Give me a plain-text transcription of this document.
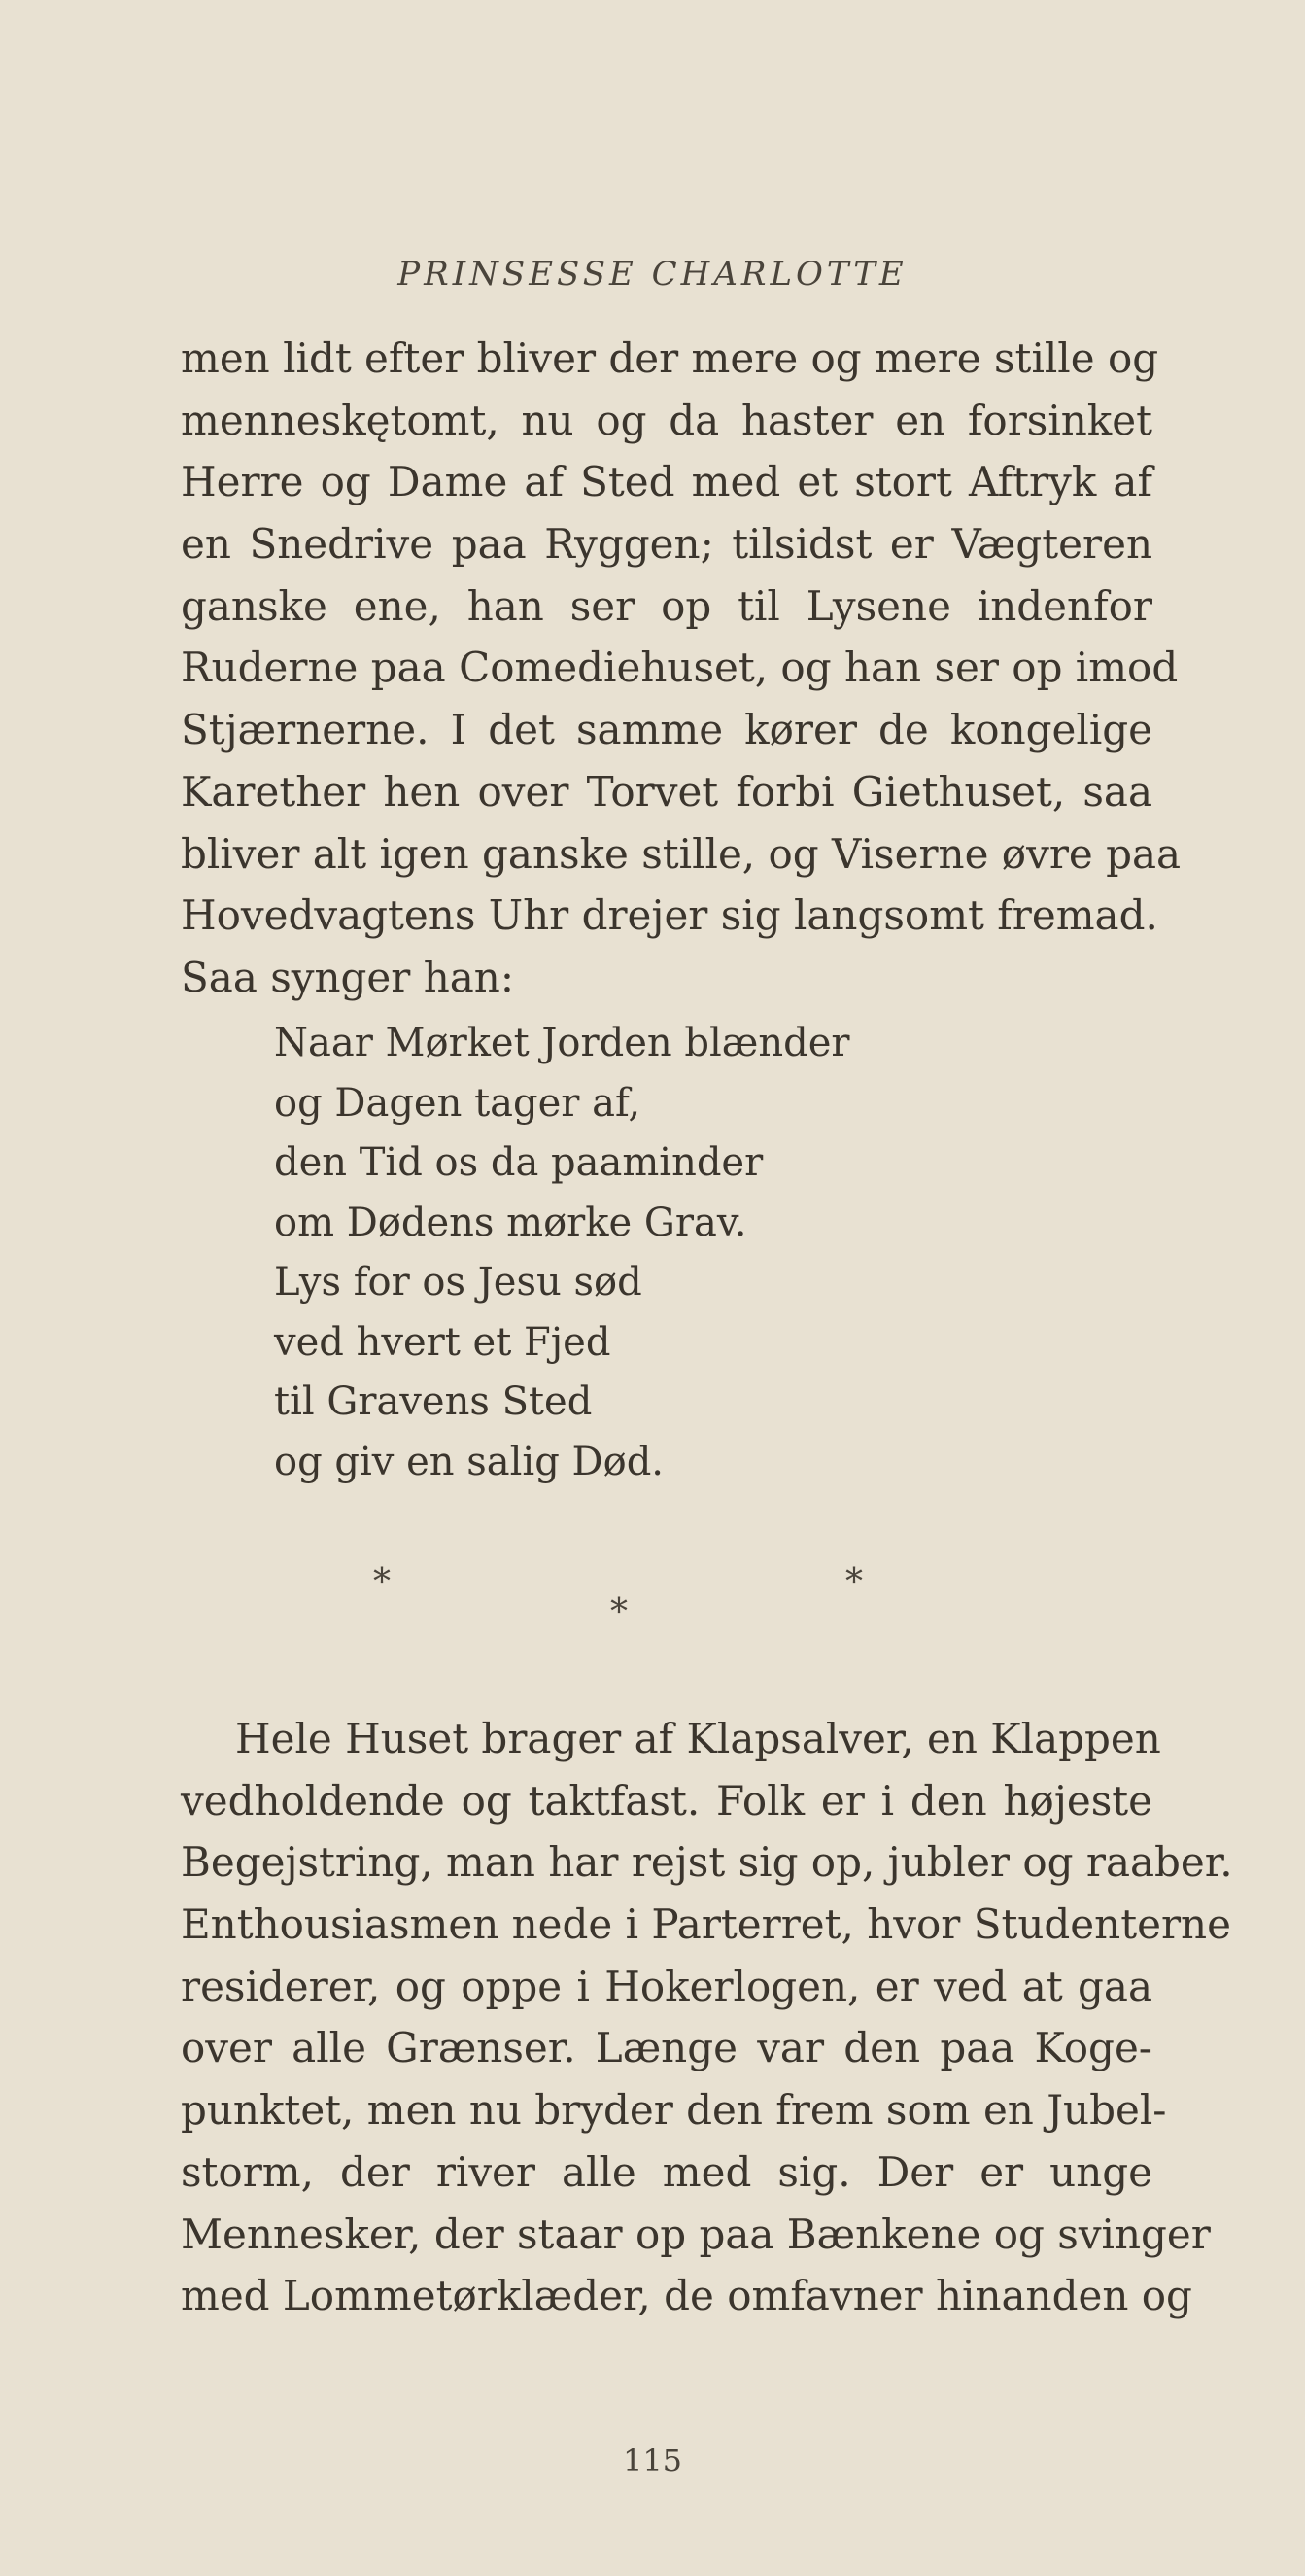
PRINSESSE CHARLOTTE
men lidt efter bliver der mere og mere stille og
menneskętomt, nu og da haster en forsinket
Herre og Dame af Sted med et stort Aftryk af
en Snedrive paa Ryggen; tilsidst er Vægteren
ganske ene, han ser op til Lysene indenfor
Ruderne paa Comediehuset, og han ser op imod
Stjærnerne. I det samme kører de kongelige
Karether hen over Torvet forbi Giethuset, saa
bliver alt igen ganske stille, og Viserne øvre paa
Hovedvagtens Uhr drejer sig langsomt fremad.
Saa synger han:
Naar Mørket Jorden blænder
og Dagen tager af,
den Tid os da paaminder
om Dødens mørke Grav.
Lys for os Jesu sød
ved hvert et Fjed
til Gravens Sted
og giv en salig Død.
*	*
*
Hele Huset brager af Klapsalver, en Klappen
vedholdende og taktfast. Folk er i den højeste
Begejstring, man har rejst sig op, jubler og raaber.
Enthousiasmen nede i Parterret, hvor Studenterne
residerer, og oppe i Hokerlogen, er ved at gaa
over alle Grænser. Længe var den paa Koge-
punktet, men nu bryder den frem som en Jubel-
storm, der river alle med sig. Der er unge
Mennesker, der staar op paa Bænkene og svinger
med Lommetørklæder, de omfavner hinanden og
115
